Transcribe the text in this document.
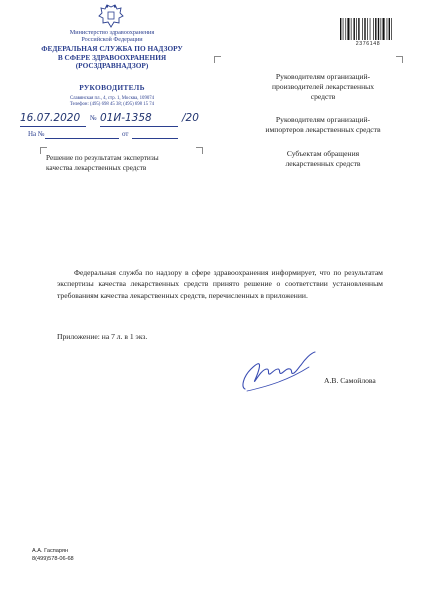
Министерство здравоохранения
Российской Федерации
ФЕДЕРАЛЬНАЯ СЛУЖБА ПО НАДЗОРУ
В СФЕРЕ ЗДРАВООХРАНЕНИЯ
(РОСЗДРАВНАДЗОР)
РУКОВОДИТЕЛЬ
Славянская пл., 4, стр. 1, Москва, 109074
Телефон: (495) 698 45 38; (495) 698 15 74
16.07.2020 № 01И-1358	/20
На №	от
Решение по результатам экспертизы
качества лекарственных средств
2376148
Руководителям организаций-
производителей лекарственных
средств
Руководителям организаций-
импортеров лекарственных средств
Субъектам обращения
лекарственных средств
Федеральная служба по надзору в сфере здравоохранения информирует, что по результатам экспертизы качества лекарственных средств принято решение о соответствии установленным требованиям качества лекарственных средств, перечисленных в приложении.
Приложение: на 7 л. в 1 экз.
А.В. Самойлова
А.А. Гаспарян
8(499)578-06-68
